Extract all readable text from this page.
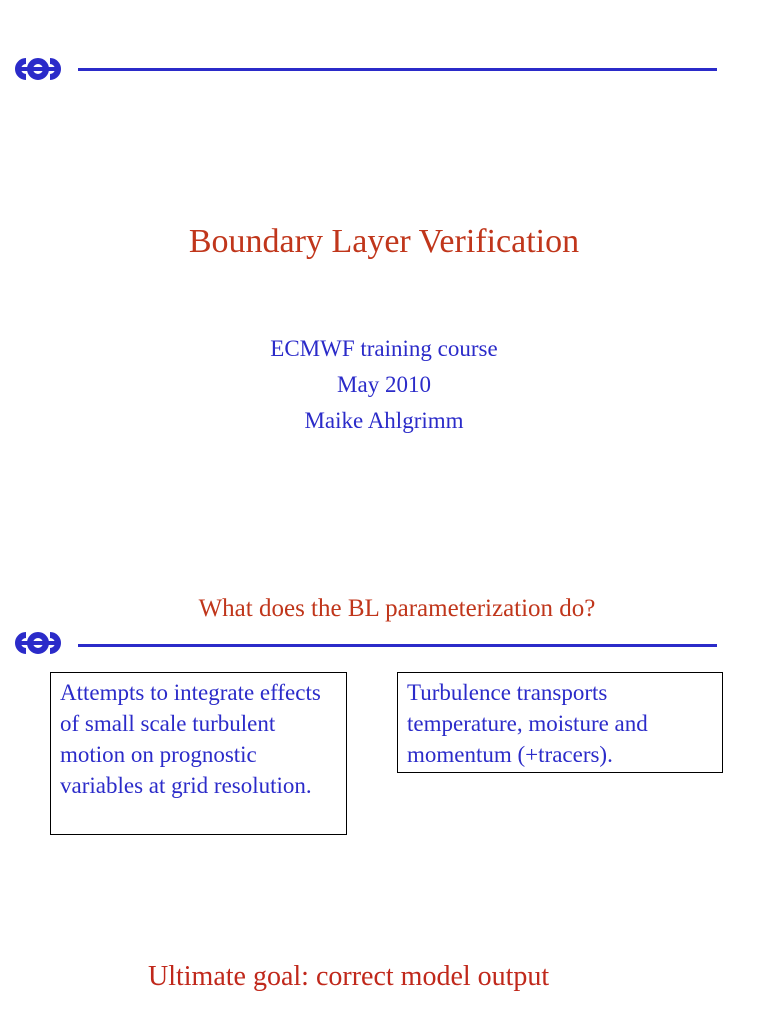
Boundary Layer Verification
ECMWF training course
May 2010
Maike Ahlgrimm
What does the BL parameterization do?
Attempts to integrate effects of small scale turbulent motion on prognostic variables at grid resolution.
Turbulence transports temperature, moisture and momentum (+tracers).
Ultimate goal: correct model output
